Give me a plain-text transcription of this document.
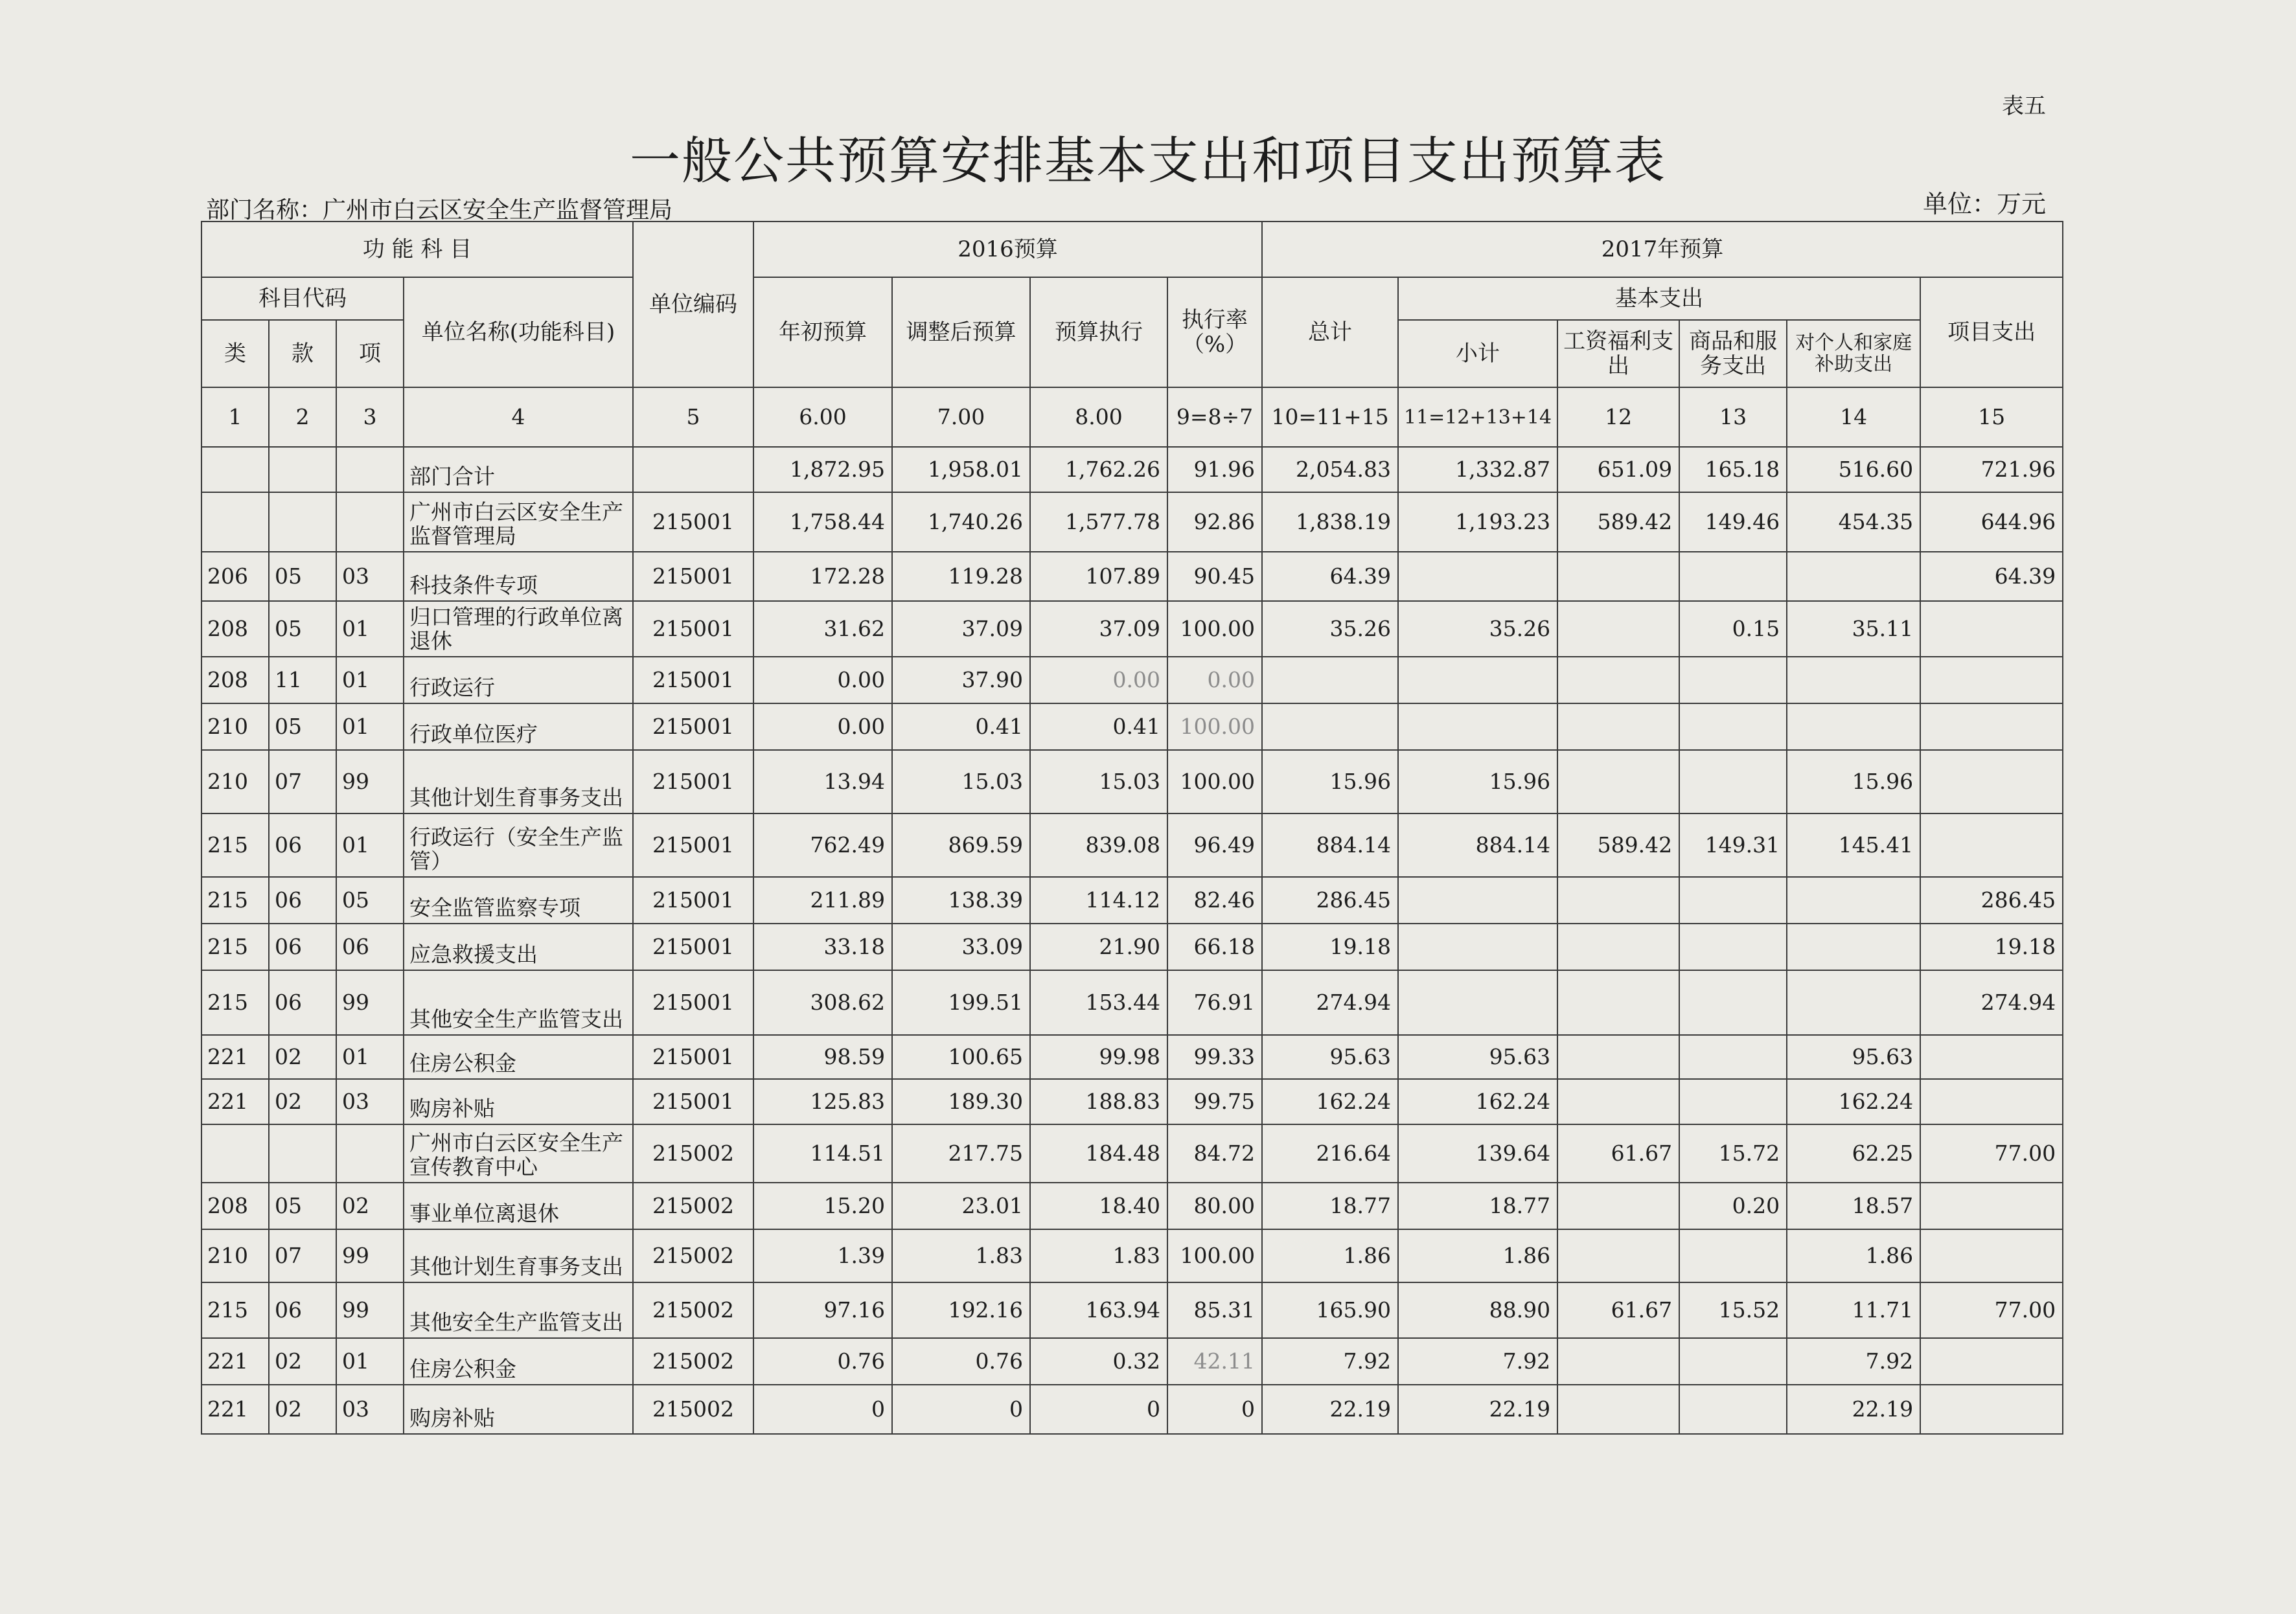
表五
一般公共预算安排基本支出和项目支出预算表
部门名称：广州市白云区安全生产监督管理局	单位：万元
功 能 科 目				单位编码	2016预算				2017年预算					
科目代码			单位名称(功能科目)		年初预算	调整后预算	预算执行	执行率（%）	总计	基本支出				项目支出
类	款	项								小计	工资福利支出	商品和服务支出	对个人和家庭补助支出	
1	2	3	4	5	6.00	7.00	8.00	9=8÷7	10=11+15	11=12+13+14	12	13	14	15
			部门合计		1,872.95	1,958.01	1,762.26	91.96	2,054.83	1,332.87	651.09	165.18	516.60	721.96
			广州市白云区安全生产监督管理局	215001	1,758.44	1,740.26	1,577.78	92.86	1,838.19	1,193.23	589.42	149.46	454.35	644.96
206	05	03	科技条件专项	215001	172.28	119.28	107.89	90.45	64.39					64.39
208	05	01	归口管理的行政单位离退休	215001	31.62	37.09	37.09	100.00	35.26	35.26		0.15	35.11	
208	11	01	行政运行	215001	0.00	37.90	0.00	0.00						
210	05	01	行政单位医疗	215001	0.00	0.41	0.41	100.00						
210	07	99	其他计划生育事务支出	215001	13.94	15.03	15.03	100.00	15.96	15.96			15.96	
215	06	01	行政运行（安全生产监管）	215001	762.49	869.59	839.08	96.49	884.14	884.14	589.42	149.31	145.41	
215	06	05	安全监管监察专项	215001	211.89	138.39	114.12	82.46	286.45					286.45
215	06	06	应急救援支出	215001	33.18	33.09	21.90	66.18	19.18					19.18
215	06	99	其他安全生产监管支出	215001	308.62	199.51	153.44	76.91	274.94					274.94
221	02	01	住房公积金	215001	98.59	100.65	99.98	99.33	95.63	95.63			95.63	
221	02	03	购房补贴	215001	125.83	189.30	188.83	99.75	162.24	162.24			162.24	
			广州市白云区安全生产宣传教育中心	215002	114.51	217.75	184.48	84.72	216.64	139.64	61.67	15.72	62.25	77.00
208	05	02	事业单位离退休	215002	15.20	23.01	18.40	80.00	18.77	18.77		0.20	18.57	
210	07	99	其他计划生育事务支出	215002	1.39	1.83	1.83	100.00	1.86	1.86			1.86	
215	06	99	其他安全生产监管支出	215002	97.16	192.16	163.94	85.31	165.90	88.90	61.67	15.52	11.71	77.00
221	02	01	住房公积金	215002	0.76	0.76	0.32	42.11	7.92	7.92			7.92	
221	02	03	购房补贴	215002	0	0	0	0	22.19	22.19			22.19	
